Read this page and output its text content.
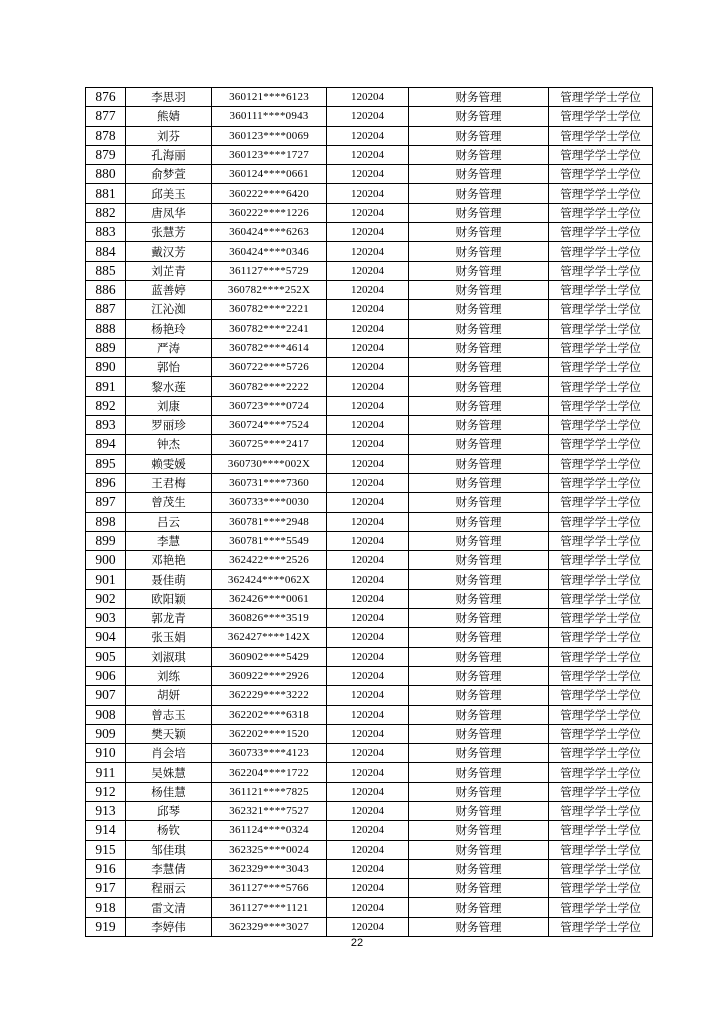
876	李思羽	360121****6123	120204	财务管理	管理学学士学位
877	熊婧	360111****0943	120204	财务管理	管理学学士学位
878	刘芬	360123****0069	120204	财务管理	管理学学士学位
879	孔海丽	360123****1727	120204	财务管理	管理学学士学位
880	俞梦萱	360124****0661	120204	财务管理	管理学学士学位
881	邱美玉	360222****6420	120204	财务管理	管理学学士学位
882	唐凤华	360222****1226	120204	财务管理	管理学学士学位
883	张慧芳	360424****6263	120204	财务管理	管理学学士学位
884	戴汉芳	360424****0346	120204	财务管理	管理学学士学位
885	刘芷青	361127****5729	120204	财务管理	管理学学士学位
886	蓝善婷	360782****252X	120204	财务管理	管理学学士学位
887	江沁洳	360782****2221	120204	财务管理	管理学学士学位
888	杨艳玲	360782****2241	120204	财务管理	管理学学士学位
889	严涛	360782****4614	120204	财务管理	管理学学士学位
890	郭怡	360722****5726	120204	财务管理	管理学学士学位
891	黎水莲	360782****2222	120204	财务管理	管理学学士学位
892	刘康	360723****0724	120204	财务管理	管理学学士学位
893	罗丽珍	360724****7524	120204	财务管理	管理学学士学位
894	钟杰	360725****2417	120204	财务管理	管理学学士学位
895	赖雯媛	360730****002X	120204	财务管理	管理学学士学位
896	王君梅	360731****7360	120204	财务管理	管理学学士学位
897	曾茂生	360733****0030	120204	财务管理	管理学学士学位
898	吕云	360781****2948	120204	财务管理	管理学学士学位
899	李慧	360781****5549	120204	财务管理	管理学学士学位
900	邓艳艳	362422****2526	120204	财务管理	管理学学士学位
901	聂佳萌	362424****062X	120204	财务管理	管理学学士学位
902	欧阳颖	362426****0061	120204	财务管理	管理学学士学位
903	郭龙青	360826****3519	120204	财务管理	管理学学士学位
904	张玉娟	362427****142X	120204	财务管理	管理学学士学位
905	刘淑琪	360902****5429	120204	财务管理	管理学学士学位
906	刘练	360922****2926	120204	财务管理	管理学学士学位
907	胡妍	362229****3222	120204	财务管理	管理学学士学位
908	曾志玉	362202****6318	120204	财务管理	管理学学士学位
909	樊天颖	362202****1520	120204	财务管理	管理学学士学位
910	肖会培	360733****4123	120204	财务管理	管理学学士学位
911	吴姝慧	362204****1722	120204	财务管理	管理学学士学位
912	杨佳慧	361121****7825	120204	财务管理	管理学学士学位
913	邱琴	362321****7527	120204	财务管理	管理学学士学位
914	杨钦	361124****0324	120204	财务管理	管理学学士学位
915	邹佳琪	362325****0024	120204	财务管理	管理学学士学位
916	李慧倩	362329****3043	120204	财务管理	管理学学士学位
917	程丽云	361127****5766	120204	财务管理	管理学学士学位
918	雷文清	361127****1121	120204	财务管理	管理学学士学位
919	李婷伟	362329****3027	120204	财务管理	管理学学士学位
22
